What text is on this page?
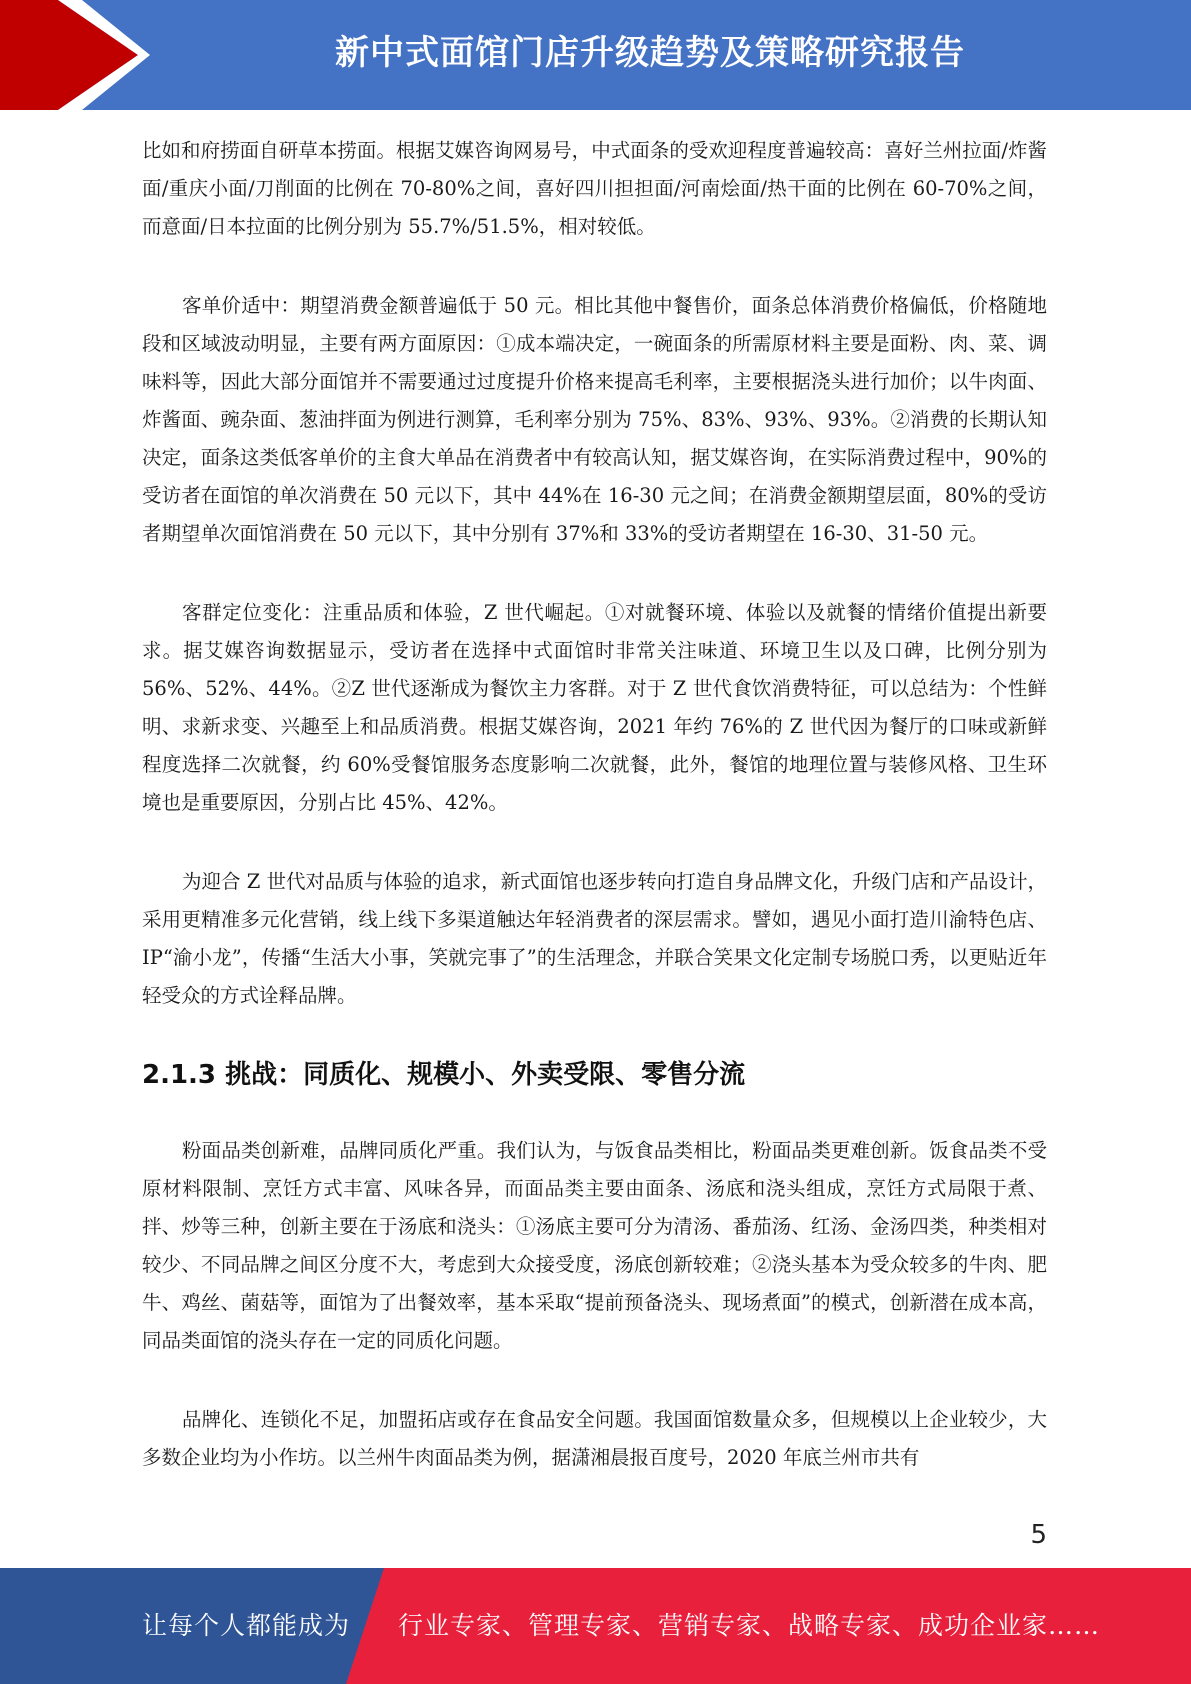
新中式面馆门店升级趋势及策略研究报告

比如和府捞面自研草本捞面。根据艾媒咨询网易号，中式面条的受欢迎程度普遍较高：喜好兰州拉面/炸酱面/重庆小面/刀削面的比例在 70-80%之间，喜好四川担担面/河南烩面/热干面的比例在 60-70%之间，而意面/日本拉面的比例分别为 55.7%/51.5%，相对较低。

客单价适中：期望消费金额普遍低于 50 元。相比其他中餐售价，面条总体消费价格偏低，价格随地段和区域波动明显，主要有两方面原因：①成本端决定，一碗面条的所需原材料主要是面粉、肉、菜、调味料等，因此大部分面馆并不需要通过过度提升价格来提高毛利率，主要根据浇头进行加价；以牛肉面、炸酱面、豌杂面、葱油拌面为例进行测算，毛利率分别为 75%、83%、93%、93%。②消费的长期认知决定，面条这类低客单价的主食大单品在消费者中有较高认知，据艾媒咨询，在实际消费过程中，90%的受访者在面馆的单次消费在 50 元以下，其中 44%在 16-30 元之间；在消费金额期望层面，80%的受访者期望单次面馆消费在 50 元以下，其中分别有 37%和 33%的受访者期望在 16-30、31-50 元。

客群定位变化：注重品质和体验，Z 世代崛起。①对就餐环境、体验以及就餐的情绪价值提出新要求。据艾媒咨询数据显示，受访者在选择中式面馆时非常关注味道、环境卫生以及口碑，比例分别为 56%、52%、44%。②Z 世代逐渐成为餐饮主力客群。对于 Z 世代食饮消费特征，可以总结为：个性鲜明、求新求变、兴趣至上和品质消费。根据艾媒咨询，2021 年约 76%的 Z 世代因为餐厅的口味或新鲜程度选择二次就餐，约 60%受餐馆服务态度影响二次就餐，此外，餐馆的地理位置与装修风格、卫生环境也是重要原因，分别占比 45%、42%。

为迎合 Z 世代对品质与体验的追求，新式面馆也逐步转向打造自身品牌文化，升级门店和产品设计，采用更精准多元化营销，线上线下多渠道触达年轻消费者的深层需求。譬如，遇见小面打造川渝特色店、IP“渝小龙”，传播“生活大小事，笑就完事了”的生活理念，并联合笑果文化定制专场脱口秀，以更贴近年轻受众的方式诠释品牌。

2.1.3 挑战：同质化、规模小、外卖受限、零售分流

粉面品类创新难，品牌同质化严重。我们认为，与饭食品类相比，粉面品类更难创新。饭食品类不受原材料限制、烹饪方式丰富、风味各异，而面品类主要由面条、汤底和浇头组成，烹饪方式局限于煮、拌、炒等三种，创新主要在于汤底和浇头：①汤底主要可分为清汤、番茄汤、红汤、金汤四类，种类相对较少、不同品牌之间区分度不大，考虑到大众接受度，汤底创新较难；②浇头基本为受众较多的牛肉、肥牛、鸡丝、菌菇等，面馆为了出餐效率，基本采取“提前预备浇头、现场煮面”的模式，创新潜在成本高，同品类面馆的浇头存在一定的同质化问题。

品牌化、连锁化不足，加盟拓店或存在食品安全问题。我国面馆数量众多，但规模以上企业较少，大多数企业均为小作坊。以兰州牛肉面品类为例，据潇湘晨报百度号，2020 年底兰州市共有

5
让每个人都能成为 行业专家、管理专家、营销专家、战略专家、成功企业家……
